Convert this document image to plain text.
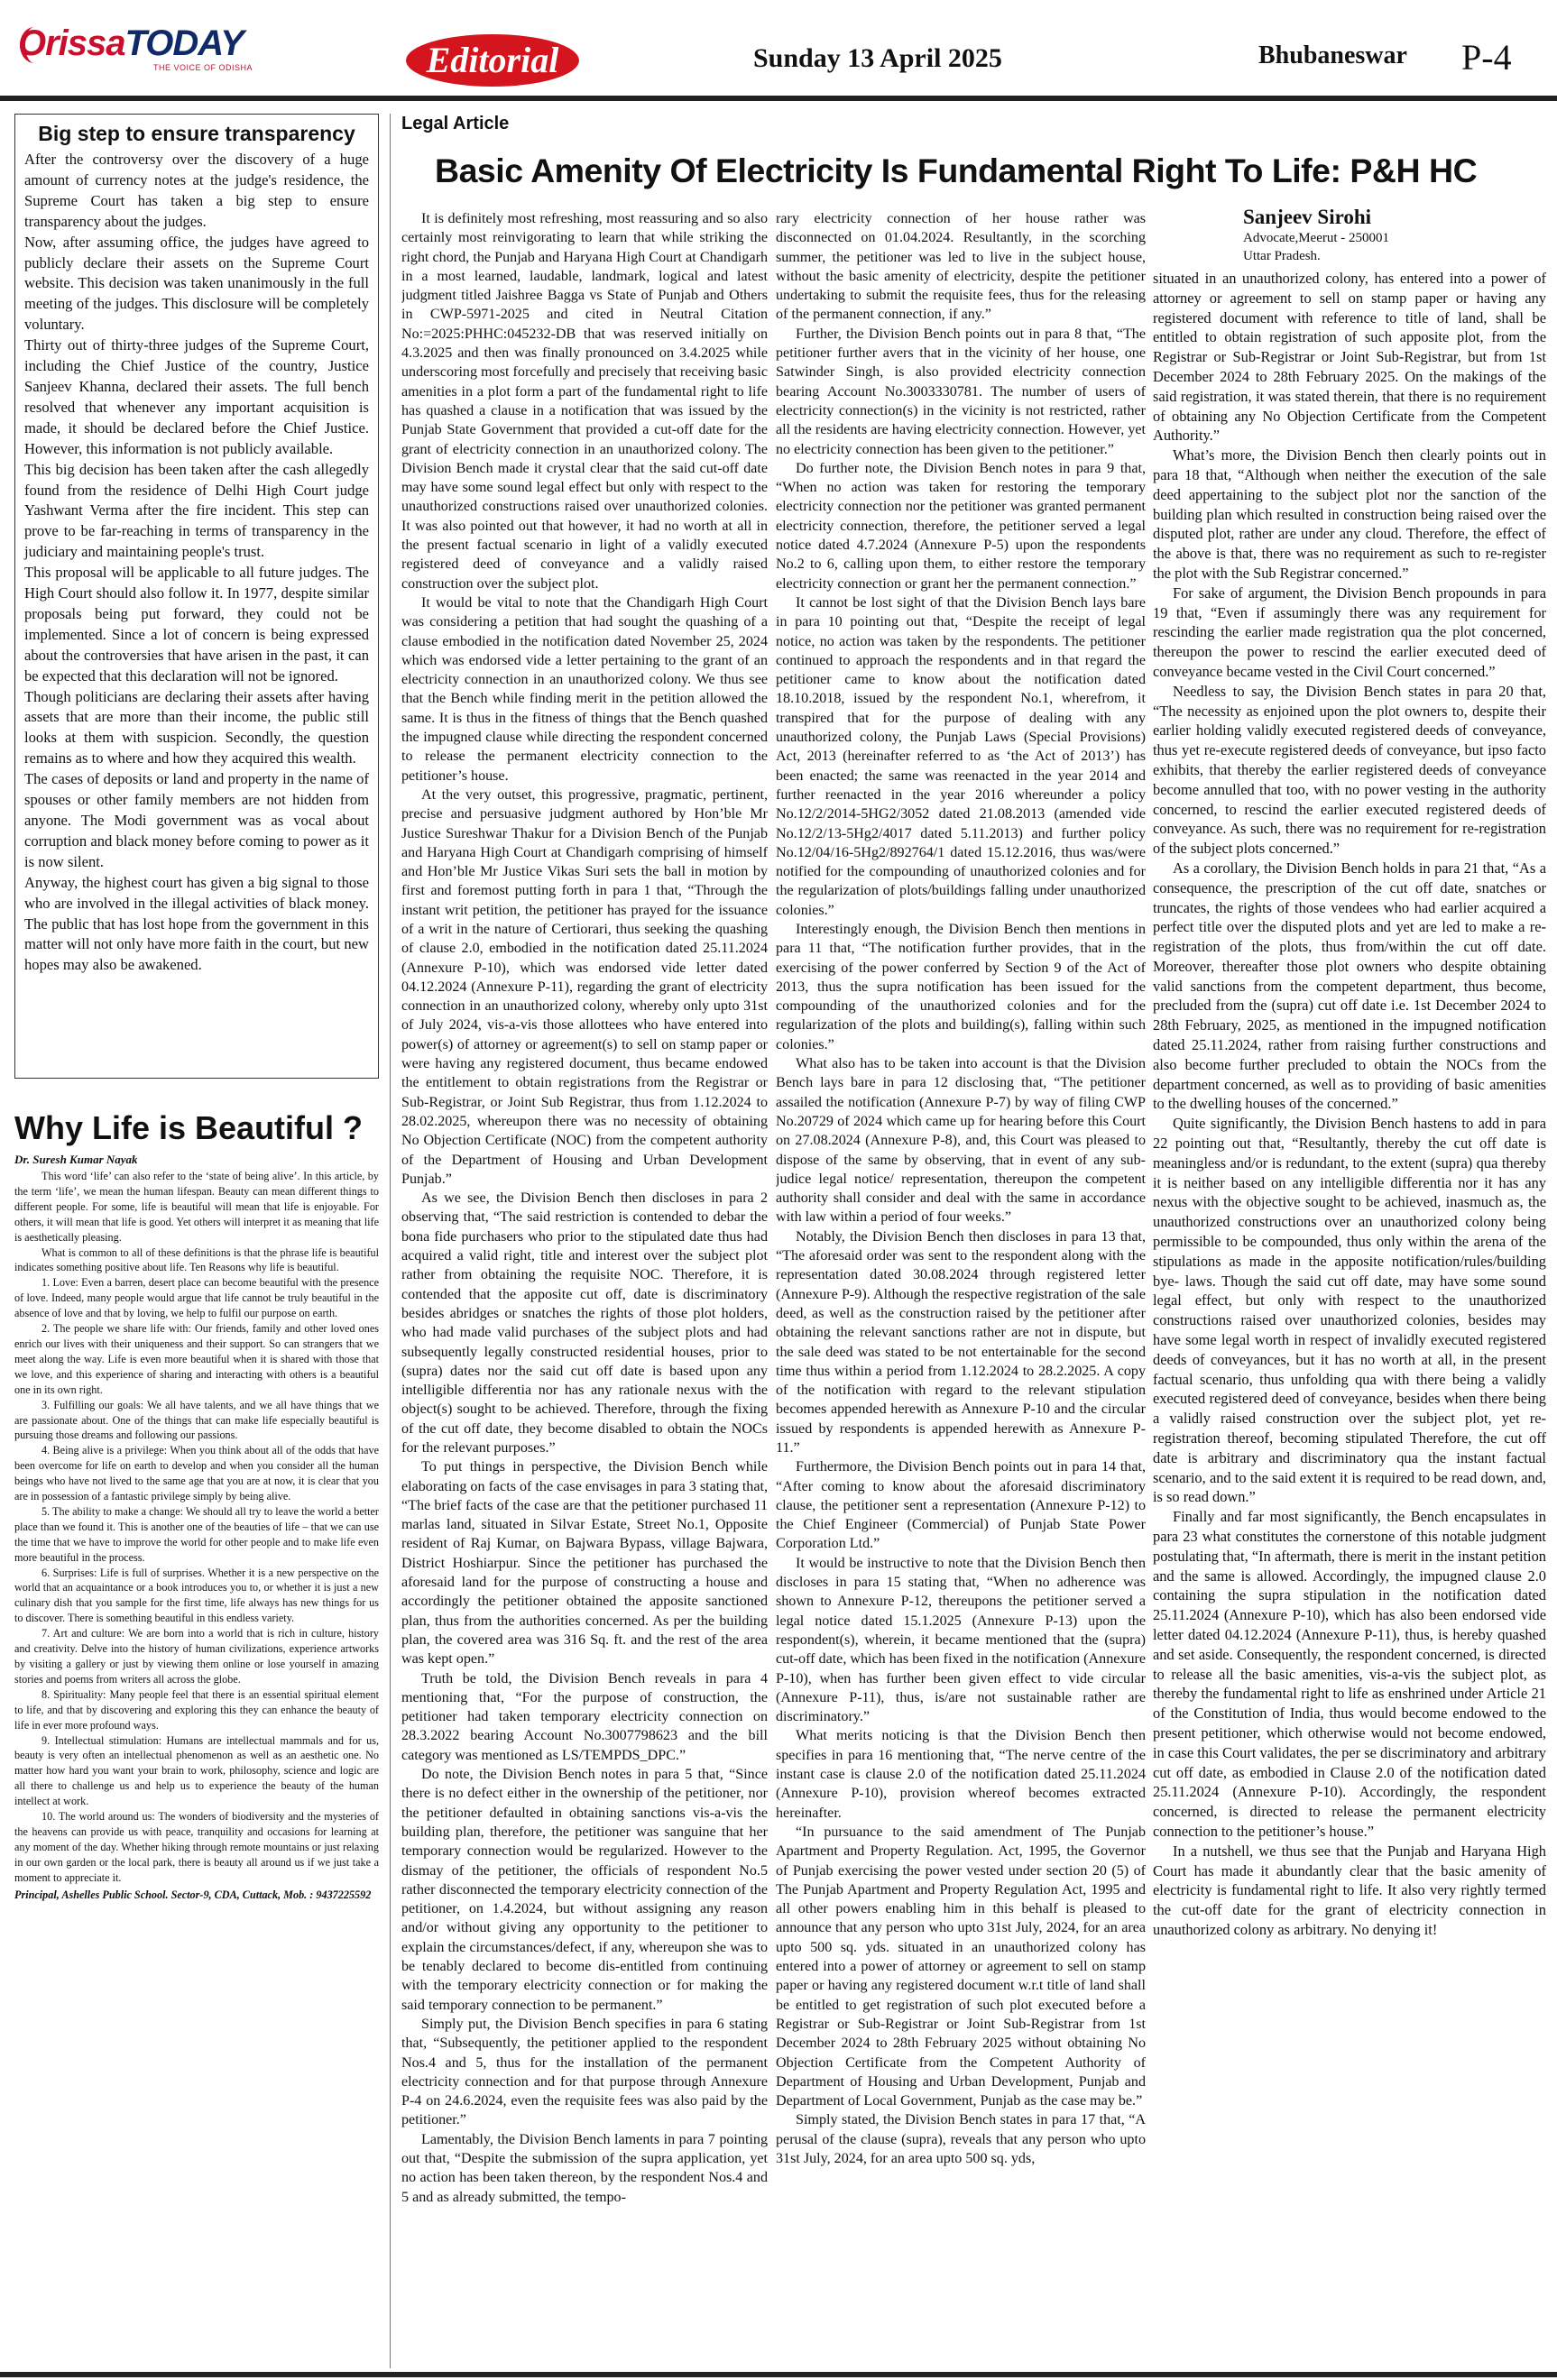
OrissaTODAY
THE VOICE OF ODISHA	Editorial	Sunday 13 April 2025	Bhubaneswar P-4
Big step to ensure transparency

After the controversy over the discovery of a huge amount of currency notes at the judge's residence, the Supreme Court has taken a big step to ensure transparency about the judges.

Now, after assuming office, the judges have agreed to publicly declare their assets on the Supreme Court website. This decision was taken unanimously in the full meeting of the judges. This disclosure will be completely voluntary.

Thirty out of thirty-three judges of the Supreme Court, including the Chief Justice of the country, Justice Sanjeev Khanna, declared their assets. The full bench resolved that whenever any important acquisition is made, it should be declared before the Chief Justice. However, this information is not publicly available.

This big decision has been taken after the cash allegedly found from the residence of Delhi High Court judge Yashwant Verma after the fire incident. This step can prove to be far-reaching in terms of transparency in the judiciary and maintaining people's trust.

This proposal will be applicable to all future judges. The High Court should also follow it. In 1977, despite similar proposals being put forward, they could not be implemented. Since a lot of concern is being expressed about the controversies that have arisen in the past, it can be expected that this declaration will not be ignored.

Though politicians are declaring their assets after having assets that are more than their income, the public still looks at them with suspicion. Secondly, the question remains as to where and how they acquired this wealth.

The cases of deposits or land and property in the name of spouses or other family members are not hidden from anyone. The Modi government was as vocal about corruption and black money before coming to power as it is now silent.

Anyway, the highest court has given a big signal to those who are involved in the illegal activities of black money. The public that has lost hope from the government in this matter will not only have more faith in the court, but new hopes may also be awakened.

Why Life is Beautiful ?
Dr. Suresh Kumar Nayak

This word ‘life’ can also refer to the ‘state of being alive’. In this article, by the term ‘life’, we mean the human lifespan. Beauty can mean different things to different people. For some, life is beautiful will mean that life is enjoyable. For others, it will mean that life is good. Yet others will interpret it as meaning that life is aesthetically pleasing.

What is common to all of these definitions is that the phrase life is beautiful indicates something positive about life. Ten Reasons why life is beautiful.

1. Love: Even a barren, desert place can become beautiful with the presence of love. Indeed, many people would argue that life cannot be truly beautiful in the absence of love and that by loving, we help to fulfil our purpose on earth.

2. The people we share life with: Our friends, family and other loved ones enrich our lives with their uniqueness and their support. So can strangers that we meet along the way. Life is even more beautiful when it is shared with those that we love, and this experience of sharing and interacting with others is a beautiful one in its own right.

3. Fulfilling our goals: We all have talents, and we all have things that we are passionate about. One of the things that can make life especially beautiful is pursuing those dreams and following our passions.

4. Being alive is a privilege: When you think about all of the odds that have been overcome for life on earth to develop and when you consider all the human beings who have not lived to the same age that you are at now, it is clear that you are in possession of a fantastic privilege simply by being alive.

5. The ability to make a change: We should all try to leave the world a better place than we found it. This is another one of the beauties of life – that we can use the time that we have to improve the world for other people and to make life even more beautiful in the process.

6. Surprises: Life is full of surprises. Whether it is a new perspective on the world that an acquaintance or a book introduces you to, or whether it is just a new culinary dish that you sample for the first time, life always has new things for us to discover. There is something beautiful in this endless variety.

7. Art and culture: We are born into a world that is rich in culture, history and creativity. Delve into the history of human civilizations, experience artworks by visiting a gallery or just by viewing them online or lose yourself in amazing stories and poems from writers all across the globe.

8. Spirituality: Many people feel that there is an essential spiritual element to life, and that by discovering and exploring this they can enhance the beauty of life in ever more profound ways.

9. Intellectual stimulation: Humans are intellectual mammals and for us, beauty is very often an intellectual phenomenon as well as an aesthetic one. No matter how hard you want your brain to work, philosophy, science and logic are all there to challenge us and help us to experience the beauty of the human intellect at work.

10. The world around us: The wonders of biodiversity and the mysteries of the heavens can provide us with peace, tranquility and occasions for learning at any moment of the day. Whether hiking through remote mountains or just relaxing in our own garden or the local park, there is beauty all around us if we just take a moment to appreciate it.

Principal, Ashelles Public School. Sector-9, CDA, Cuttack, Mob. : 9437225592

Legal Article
Basic Amenity Of Electricity Is Fundamental Right To Life: P&H HC
Sanjeev Sirohi
Advocate,Meerut - 250001
Uttar Pradesh.

It is definitely most refreshing, most reassuring and so also certainly most reinvigorating to learn that while striking the right chord, the Punjab and Haryana High Court at Chandigarh in a most learned, laudable, landmark, logical and latest judgment titled Jaishree Bagga vs State of Punjab and Others in CWP-5971-2025 and cited in Neutral Citation No:=2025:PHHC:045232-DB that was reserved initially on 4.3.2025 and then was finally pronounced on 3.4.2025 while underscoring most forcefully and precisely that receiving basic amenities in a plot form a part of the fundamental right to life has quashed a clause in a notification that was issued by the Punjab State Government that provided a cut-off date for the grant of electricity connection in an unauthorized colony. The Division Bench made it crystal clear that the said cut-off date may have some sound legal effect but only with respect to the unauthorized constructions raised over unauthorized colonies. It was also pointed out that however, it had no worth at all in the present factual scenario in light of a validly executed registered deed of conveyance and a validly raised construction over the subject plot.

It would be vital to note that the Chandigarh High Court was considering a petition that had sought the quashing of a clause embodied in the notification dated November 25, 2024 which was endorsed vide a letter pertaining to the grant of an electricity connection in an unauthorized colony. We thus see that the Bench while finding merit in the petition allowed the same. It is thus in the fitness of things that the Bench quashed the impugned clause while directing the respondent concerned to release the permanent electricity connection to the petitioner’s house.

At the very outset, this progressive, pragmatic, pertinent, precise and persuasive judgment authored by Hon’ble Mr Justice Sureshwar Thakur for a Division Bench of the Punjab and Haryana High Court at Chandigarh comprising of himself and Hon’ble Mr Justice Vikas Suri sets the ball in motion by first and foremost putting forth in para 1 that, “Through the instant writ petition, the petitioner has prayed for the issuance of a writ in the nature of Certiorari, thus seeking the quashing of clause 2.0, embodied in the notification dated 25.11.2024 (Annexure P-10), which was endorsed vide letter dated 04.12.2024 (Annexure P-11), regarding the grant of electricity connection in an unauthorized colony, whereby only upto 31st of July 2024, vis-a-vis those allottees who have entered into power(s) of attorney or agreement(s) to sell on stamp paper or were having any registered document, thus became endowed the entitlement to obtain registrations from the Registrar or Sub-Registrar, or Joint Sub Registrar, thus from 1.12.2024 to 28.02.2025, whereupon there was no necessity of obtaining No Objection Certificate (NOC) from the competent authority of the Department of Housing and Urban Development Punjab.”

As we see, the Division Bench then discloses in para 2 observing that, “The said restriction is contended to debar the bona fide purchasers who prior to the stipulated date thus had acquired a valid right, title and interest over the subject plot rather from obtaining the requisite NOC. Therefore, it is contended that the apposite cut off, date is discriminatory besides abridges or snatches the rights of those plot holders, who had made valid purchases of the subject plots and had subsequently legally constructed residential houses, prior to (supra) dates nor the said cut off date is based upon any intelligible differentia nor has any rationale nexus with the object(s) sought to be achieved. Therefore, through the fixing of the cut off date, they become disabled to obtain the NOCs for the relevant purposes.”

To put things in perspective, the Division Bench while elaborating on facts of the case envisages in para 3 stating that, “The brief facts of the case are that the petitioner purchased 11 marlas land, situated in Silvar Estate, Street No.1, Opposite resident of Raj Kumar, on Bajwara Bypass, village Bajwara, District Hoshiarpur. Since the petitioner has purchased the aforesaid land for the purpose of constructing a house and accordingly the petitioner obtained the apposite sanctioned plan, thus from the authorities concerned. As per the building plan, the covered area was 316 Sq. ft. and the rest of the area was kept open.”

Truth be told, the Division Bench reveals in para 4 mentioning that, “For the purpose of construction, the petitioner had taken temporary electricity connection on 28.3.2022 bearing Account No.3007798623 and the bill category was mentioned as LS/TEMPDS_DPC.”

Do note, the Division Bench notes in para 5 that, “Since there is no defect either in the ownership of the petitioner, nor the petitioner defaulted in obtaining sanctions vis-a-vis the building plan, therefore, the petitioner was sanguine that her temporary connection would be regularized. However to the dismay of the petitioner, the officials of respondent No.5 rather disconnected the temporary electricity connection of the petitioner, on 1.4.2024, but without assigning any reason and/or without giving any opportunity to the petitioner to explain the circumstances/defect, if any, whereupon she was to be tenably declared to become dis-entitled from continuing with the temporary electricity connection or for making the said temporary connection to be permanent.”

Simply put, the Division Bench specifies in para 6 stating that, “Subsequently, the petitioner applied to the respondent Nos.4 and 5, thus for the installation of the permanent electricity connection and for that purpose through Annexure P-4 on 24.6.2024, even the requisite fees was also paid by the petitioner.”

Lamentably, the Division Bench laments in para 7 pointing out that, “Despite the submission of the supra application, yet no action has been taken thereon, by the respondent Nos.4 and 5 and as already submitted, the tempo-

rary electricity connection of her house rather was disconnected on 01.04.2024. Resultantly, in the scorching summer, the petitioner was led to live in the subject house, without the basic amenity of electricity, despite the petitioner undertaking to submit the requisite fees, thus for the releasing of the permanent connection, if any.”

Further, the Division Bench points out in para 8 that, “The petitioner further avers that in the vicinity of her house, one Satwinder Singh, is also provided electricity connection bearing Account No.3003330781. The number of users of electricity connection(s) in the vicinity is not restricted, rather all the residents are having electricity connection. However, yet no electricity connection has been given to the petitioner.”

Do further note, the Division Bench notes in para 9 that, “When no action was taken for restoring the temporary electricity connection nor the petitioner was granted permanent electricity connection, therefore, the petitioner served a legal notice dated 4.7.2024 (Annexure P-5) upon the respondents No.2 to 6, calling upon them, to either restore the temporary electricity connection or grant her the permanent connection.”

It cannot be lost sight of that the Division Bench lays bare in para 10 pointing out that, “Despite the receipt of legal notice, no action was taken by the respondents. The petitioner continued to approach the respondents and in that regard the petitioner came to know about the notification dated 18.10.2018, issued by the respondent No.1, wherefrom, it transpired that for the purpose of dealing with any unauthorized colony, the Punjab Laws (Special Provisions) Act, 2013 (hereinafter referred to as ‘the Act of 2013’) has been enacted; the same was reenacted in the year 2014 and further reenacted in the year 2016 whereunder a policy No.12/2/2014-5HG2/3052 dated 21.08.2013 (amended vide No.12/2/13-5Hg2/4017 dated 5.11.2013) and further policy No.12/04/16-5Hg2/892764/1 dated 15.12.2016, thus was/were notified for the compounding of unauthorized colonies and for the regularization of plots/buildings falling under unauthorized colonies.”

Interestingly enough, the Division Bench then mentions in para 11 that, “The notification further provides, that in the exercising of the power conferred by Section 9 of the Act of 2013, thus the supra notification has been issued for the compounding of the unauthorized colonies and for the regularization of the plots and building(s), falling within such colonies.”

What also has to be taken into account is that the Division Bench lays bare in para 12 disclosing that, “The petitioner assailed the notification (Annexure P-7) by way of filing CWP No.20729 of 2024 which came up for hearing before this Court on 27.08.2024 (Annexure P-8), and, this Court was pleased to dispose of the same by observing, that in event of any sub-judice legal notice/ representation, thereupon the competent authority shall consider and deal with the same in accordance with law within a period of four weeks.”

Notably, the Division Bench then discloses in para 13 that, “The aforesaid order was sent to the respondent along with the representation dated 30.08.2024 through registered letter (Annexure P-9). Although the respective registration of the sale deed, as well as the construction raised by the petitioner after obtaining the relevant sanctions rather are not in dispute, but the sale deed was stated to be not entertainable for the second time thus within a period from 1.12.2024 to 28.2.2025. A copy of the notification with regard to the relevant stipulation becomes appended herewith as Annexure P-10 and the circular issued by respondents is appended herewith as Annexure P-11.”

Furthermore, the Division Bench points out in para 14 that, “After coming to know about the aforesaid discriminatory clause, the petitioner sent a representation (Annexure P-12) to the Chief Engineer (Commercial) of Punjab State Power Corporation Ltd.”

It would be instructive to note that the Division Bench then discloses in para 15 stating that, “When no adherence was shown to Annexure P-12, thereupons the petitioner served a legal notice dated 15.1.2025 (Annexure P-13) upon the respondent(s), wherein, it became mentioned that the (supra) cut-off date, which has been fixed in the notification (Annexure P-10), when has further been given effect to vide circular (Annexure P-11), thus, is/are not sustainable rather are discriminatory.”

What merits noticing is that the Division Bench then specifies in para 16 mentioning that, “The nerve centre of the instant case is clause 2.0 of the notification dated 25.11.2024 (Annexure P-10), provision whereof becomes extracted hereinafter.

“In pursuance to the said amendment of The Punjab Apartment and Property Regulation. Act, 1995, the Governor of Punjab exercising the power vested under section 20 (5) of The Punjab Apartment and Property Regulation Act, 1995 and all other powers enabling him in this behalf is pleased to announce that any person who upto 31st July, 2024, for an area upto 500 sq. yds. situated in an unauthorized colony has entered into a power of attorney or agreement to sell on stamp paper or having any registered document w.r.t title of land shall be entitled to get registration of such plot executed before a Registrar or Sub-Registrar or Joint Sub-Registrar from 1st December 2024 to 28th February 2025 without obtaining No Objection Certificate from the Competent Authority of Department of Housing and Urban Development, Punjab and Department of Local Government, Punjab as the case may be.”

Simply stated, the Division Bench states in para 17 that, “A perusal of the clause (supra), reveals that any person who upto 31st July, 2024, for an area upto 500 sq. yds,

situated in an unauthorized colony, has entered into a power of attorney or agreement to sell on stamp paper or having any registered document with reference to title of land, shall be entitled to obtain registration of such apposite plot, from the Registrar or Sub-Registrar or Joint Sub-Registrar, but from 1st December 2024 to 28th February 2025. On the makings of the said registration, it was stated therein, that there is no requirement of obtaining any No Objection Certificate from the Competent Authority.”

What’s more, the Division Bench then clearly points out in para 18 that, “Although when neither the execution of the sale deed appertaining to the subject plot nor the sanction of the building plan which resulted in construction being raised over the disputed plot, rather are under any cloud. Therefore, the effect of the above is that, there was no requirement as such to re-register the plot with the Sub Registrar concerned.”

For sake of argument, the Division Bench propounds in para 19 that, “Even if assumingly there was any requirement for rescinding the earlier made registration qua the plot concerned, thereupon the power to rescind the earlier executed deed of conveyance became vested in the Civil Court concerned.”

Needless to say, the Division Bench states in para 20 that, “The necessity as enjoined upon the plot owners to, despite their earlier holding validly executed registered deeds of conveyance, thus yet re-execute registered deeds of conveyance, but ipso facto exhibits, that thereby the earlier registered deeds of conveyance become annulled that too, with no power vesting in the authority concerned, to rescind the earlier executed registered deeds of conveyance. As such, there was no requirement for re-registration of the subject plots concerned.”

As a corollary, the Division Bench holds in para 21 that, “As a consequence, the prescription of the cut off date, snatches or truncates, the rights of those vendees who had earlier acquired a perfect title over the disputed plots and yet are led to make a re-registration of the plots, thus from/within the cut off date. Moreover, thereafter those plot owners who despite obtaining valid sanctions from the competent department, thus become, precluded from the (supra) cut off date i.e. 1st December 2024 to 28th February, 2025, as mentioned in the impugned notification dated 25.11.2024, rather from raising further constructions and also become further precluded to obtain the NOCs from the department concerned, as well as to providing of basic amenities to the dwelling houses of the concerned.”

Quite significantly, the Division Bench hastens to add in para 22 pointing out that, “Resultantly, thereby the cut off date is meaningless and/or is redundant, to the extent (supra) qua thereby it is neither based on any intelligible differentia nor it has any nexus with the objective sought to be achieved, inasmuch as, the unauthorized constructions over an unauthorized colony being permissible to be compounded, thus only within the arena of the stipulations as made in the apposite notification/rules/building bye- laws. Though the said cut off date, may have some sound legal effect, but only with respect to the unauthorized constructions raised over unauthorized colonies, besides may have some legal worth in respect of invalidly executed registered deeds of conveyances, but it has no worth at all, in the present factual scenario, thus unfolding qua with there being a validly executed registered deed of conveyance, besides when there being a validly raised construction over the subject plot, yet re-registration thereof, becoming stipulated Therefore, the cut off date is arbitrary and discriminatory qua the instant factual scenario, and to the said extent it is required to be read down, and, is so read down.”

Finally and far most significantly, the Bench encapsulates in para 23 what constitutes the cornerstone of this notable judgment postulating that, “In aftermath, there is merit in the instant petition and the same is allowed. Accordingly, the impugned clause 2.0 containing the supra stipulation in the notification dated 25.11.2024 (Annexure P-10), which has also been endorsed vide letter dated 04.12.2024 (Annexure P-11), thus, is hereby quashed and set aside. Consequently, the respondent concerned, is directed to release all the basic amenities, vis-a-vis the subject plot, as thereby the fundamental right to life as enshrined under Article 21 of the Constitution of India, thus would become endowed to the present petitioner, which otherwise would not become endowed, in case this Court validates, the per se discriminatory and arbitrary cut off date, as embodied in Clause 2.0 of the notification dated 25.11.2024 (Annexure P-10). Accordingly, the respondent concerned, is directed to release the permanent electricity connection to the petitioner’s house.”

In a nutshell, we thus see that the Punjab and Haryana High Court has made it abundantly clear that the basic amenity of electricity is fundamental right to life. It also very rightly termed the cut-off date for the grant of electricity connection in unauthorized colony as arbitrary. No denying it!
